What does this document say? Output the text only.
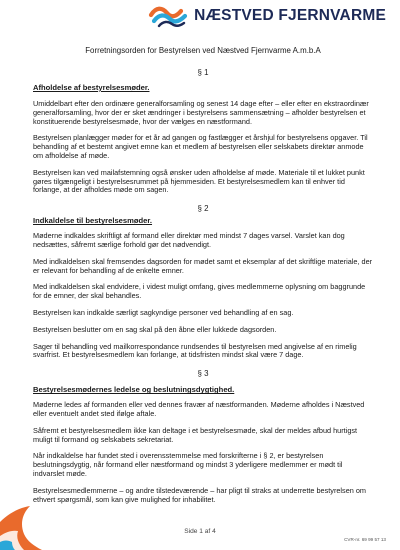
NÆSTVED FJERNVARME

Forretningsorden for Bestyrelsen ved Næstved Fjernvarme A.m.b.A

§ 1

Afholdelse af bestyrelsesmøder.

Umiddelbart efter den ordinære generalforsamling og senest 14 dage efter – eller efter en ekstraordinær generalforsamling, hvor der er sket ændringer i bestyrelsens sammensætning – afholder bestyrelsen et konstituerende bestyrelsesmøde, hvor der vælges en næstformand.

Bestyrelsen planlægger møder for et år ad gangen og fastlægger et årshjul for bestyrelsens opgaver. Til behandling af et bestemt angivet emne kan et medlem af bestyrelsen eller selskabets direktør anmode om afholdelse af møde.

Bestyrelsen kan ved mailafstemning også ønsker uden afholdelse af møde. Materiale til et lukket punkt gøres tilgængeligt i bestyrelsesrummet på hjemmesiden. Et bestyrelsesmedlem kan til enhver tid forlange, at der afholdes møde om sagen.

§ 2

Indkaldelse til bestyrelsesmøder.

Møderne indkaldes skriftligt af formand eller direktør med mindst 7 dages varsel. Varslet kan dog nedsættes, såfremt særlige forhold gør det nødvendigt.

Med indkaldelsen skal fremsendes dagsorden for mødet samt et eksemplar af det skriftlige materiale, der er relevant for behandling af de enkelte emner.

Med indkaldelsen skal endvidere, i videst muligt omfang, gives medlemmerne oplysning om baggrunde for de emner, der skal behandles.

Bestyrelsen kan indkalde særligt sagkyndige personer ved behandling af en sag.

Bestyrelsen beslutter om en sag skal på den åbne eller lukkede dagsorden.

Sager til behandling ved mailkorrespondance rundsendes til bestyrelsen med angivelse af en rimelig svarfrist. Et bestyrelsesmedlem kan forlange, at tidsfristen mindst skal være 7 dage.

§ 3

Bestyrelsesmødernes ledelse og beslutningsdygtighed.

Møderne ledes af formanden eller ved dennes fravær af næstformanden. Møderne afholdes i Næstved eller eventuelt andet sted ifølge aftale.

Såfremt et bestyrelsesmedlem ikke kan deltage i et bestyrelsesmøde, skal der meldes afbud hurtigst muligt til formand og selskabets sekretariat.

Når indkaldelse har fundet sted i overensstemmelse med forskrifterne i § 2, er bestyrelsen beslutningsdygtig, når formand eller næstformand og mindst 3 yderligere medlemmer er mødt til indvarslet møde.

Bestyrelsesmedlemmerne – og andre tilstedeværende – har pligt til straks at underrette bestyrelsen om ethvert spørgsmål, som kan give mulighed for inhabilitet.

Side 1 af 4
CVR-nr. 69 99 57 13
